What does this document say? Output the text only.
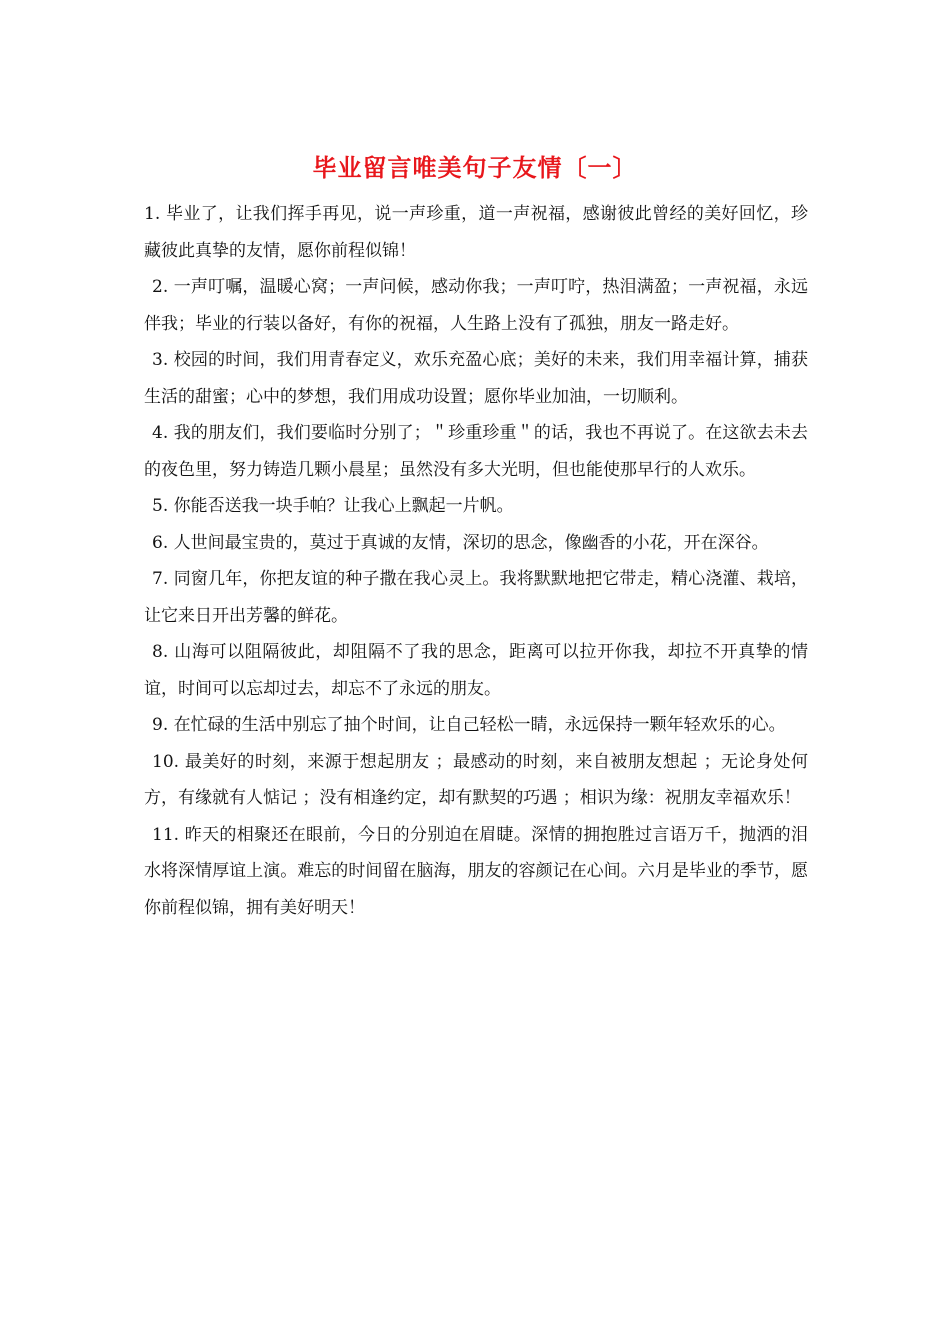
毕业留言唯美句子友情〔一〕

1. 毕业了，让我们挥手再见，说一声珍重，道一声祝福，感谢彼此曾经的美好回忆，珍藏彼此真挚的友情，愿你前程似锦！

2. 一声叮嘱，温暖心窝；一声问候，感动你我；一声叮咛，热泪满盈；一声祝福，永远伴我；毕业的行装以备好，有你的祝福，人生路上没有了孤独，朋友一路走好。

3. 校园的时间，我们用青春定义，欢乐充盈心底；美好的未来，我们用幸福计算，捕获生活的甜蜜；心中的梦想，我们用成功设置；愿你毕业加油，一切顺利。

4. 我的朋友们，我们要临时分别了；＂珍重珍重＂的话，我也不再说了。在这欲去未去的夜色里，努力铸造几颗小晨星；虽然没有多大光明，但也能使那早行的人欢乐。

5. 你能否送我一块手帕？让我心上飘起一片帆。

6. 人世间最宝贵的，莫过于真诚的友情，深切的思念，像幽香的小花，开在深谷。

7. 同窗几年，你把友谊的种子撒在我心灵上。我将默默地把它带走，精心浇灌、栽培，让它来日开出芳馨的鲜花。

8. 山海可以阻隔彼此，却阻隔不了我的思念，距离可以拉开你我，却拉不开真挚的情谊，时间可以忘却过去，却忘不了永远的朋友。

9. 在忙碌的生活中别忘了抽个时间，让自己轻松一睛，永远保持一颗年轻欢乐的心。

10. 最美好的时刻，来源于想起朋友 ；最感动的时刻，来自被朋友想起 ；无论身处何方，有缘就有人惦记 ；没有相逢约定，却有默契的巧遇 ；相识为缘：祝朋友幸福欢乐！

11. 昨天的相聚还在眼前，今日的分别迫在眉睫。深情的拥抱胜过言语万千，抛洒的泪水将深情厚谊上演。难忘的时间留在脑海，朋友的容颜记在心间。六月是毕业的季节，愿你前程似锦，拥有美好明天！
